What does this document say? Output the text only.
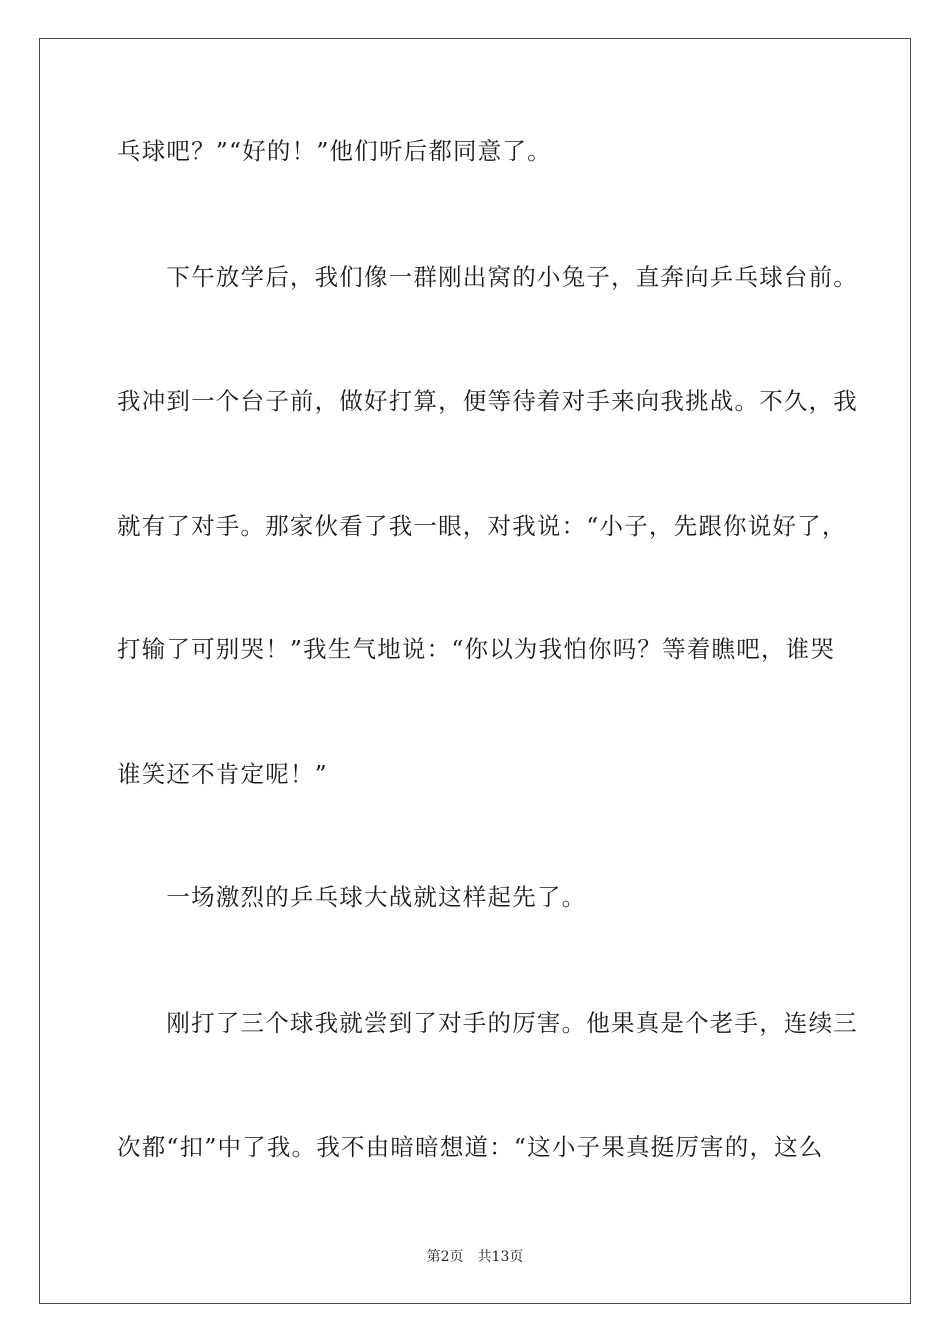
乓球吧？”“好的！”他们听后都同意了。
　　下午放学后，我们像一群刚出窝的小兔子，直奔向乒乓球台前。
我冲到一个台子前，做好打算，便等待着对手来向我挑战。不久，我
就有了对手。那家伙看了我一眼，对我说：“小子，先跟你说好了，
打输了可别哭！”我生气地说：“你以为我怕你吗？等着瞧吧，谁哭
谁笑还不肯定呢！”
　　一场激烈的乒乓球大战就这样起先了。
　　刚打了三个球我就尝到了对手的厉害。他果真是个老手，连续三
次都“扣”中了我。我不由暗暗想道：“这小子果真挺厉害的，这么
第2页 共13页
